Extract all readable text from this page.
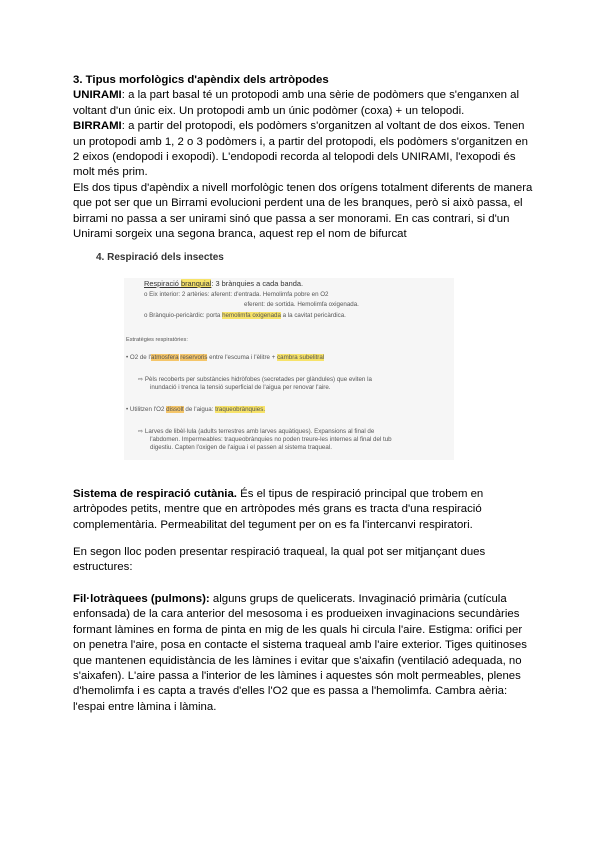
3. Tipus morfològics d'apèndix dels artròpodes

UNIRAMI: a la part basal té un protopodi amb una sèrie de podòmers que s'enganxen al voltant d'un únic eix. Un protopodi amb un únic podòmer (coxa) + un telopodi.

BIRRAMI: a partir del protopodi, els podòmers s'organitzen al voltant de dos eixos. Tenen un protopodi amb 1, 2 o 3 podòmers i, a partir del protopodi, els podòmers s'organitzen en 2 eixos (endopodi i exopodi). L'endopodi recorda al telopodi dels UNIRAMI, l'exopodi és molt més prim.

Els dos tipus d'apèndix a nivell morfològic tenen dos orígens totalment diferents de manera que pot ser que un Birrami evolucioni perdent una de les branques, però si això passa, el birrami no passa a ser unirami sinó que passa a ser monorami. En cas contrari, si d'un Unirami sorgeix una segona branca, aquest rep el nom de bifurcat

4. Respiració dels insectes
Respiració branquial: 3 brànquies a cada banda.
o Eix interior: 2 artèries: aferent: d'entrada. Hemolimfa pobre en O2
eferent: de sortida. Hemolimfa oxigenada.
o Brànquio-pericàrdic: porta hemolimfa oxigenada a la cavitat pericàrdica.
Estratègies respiratòries:
• O2 de l'atmosfera reservoris entre l'escuma i l'èlitre + cambra subelitral
⇨ Pèls recoberts per substàncies hidròfobes (secretades per glàndules) que eviten la
inundació i trenca la tensió superficial de l'aigua per renovar l'aire.
• Utilitzen l'O2 dissolt de l'aigua: traqueobrànquies.
⇨ Larves de libèl·lula (adults terrestres amb larves aquàtiques). Expansions al final de
l'abdomen. Impermeables: traqueobrànquies no poden treure-les internes al final del tub
digestiu. Capten l'oxigen de l'aigua i el passen al sistema traqueal.

Sistema de respiració cutània. És el tipus de respiració principal que trobem en artròpodes petits, mentre que en artròpodes més grans es tracta d'una respiració complementària. Permeabilitat del tegument per on es fa l'intercanvi respiratori.

En segon lloc poden presentar respiració traqueal, la qual pot ser mitjançant dues estructures:

Fil·lotràquees (pulmons): alguns grups de quelicerats. Invaginació primària (cutícula enfonsada) de la cara anterior del mesosoma i es produeixen invaginacions secundàries formant làmines en forma de pinta en mig de les quals hi circula l'aire. Estigma: orifici per on penetra l'aire, posa en contacte el sistema traqueal amb l'aire exterior. Tiges quitinoses que mantenen equidistància de les làmines i evitar que s'aixafin (ventilació adequada, no s'aixafen). L'aire passa a l'interior de les làmines i aquestes són molt permeables, plenes d'hemolimfa i es capta a través d'elles l'O2 que es passa a l'hemolimfa. Cambra aèria: l'espai entre làmina i làmina.
